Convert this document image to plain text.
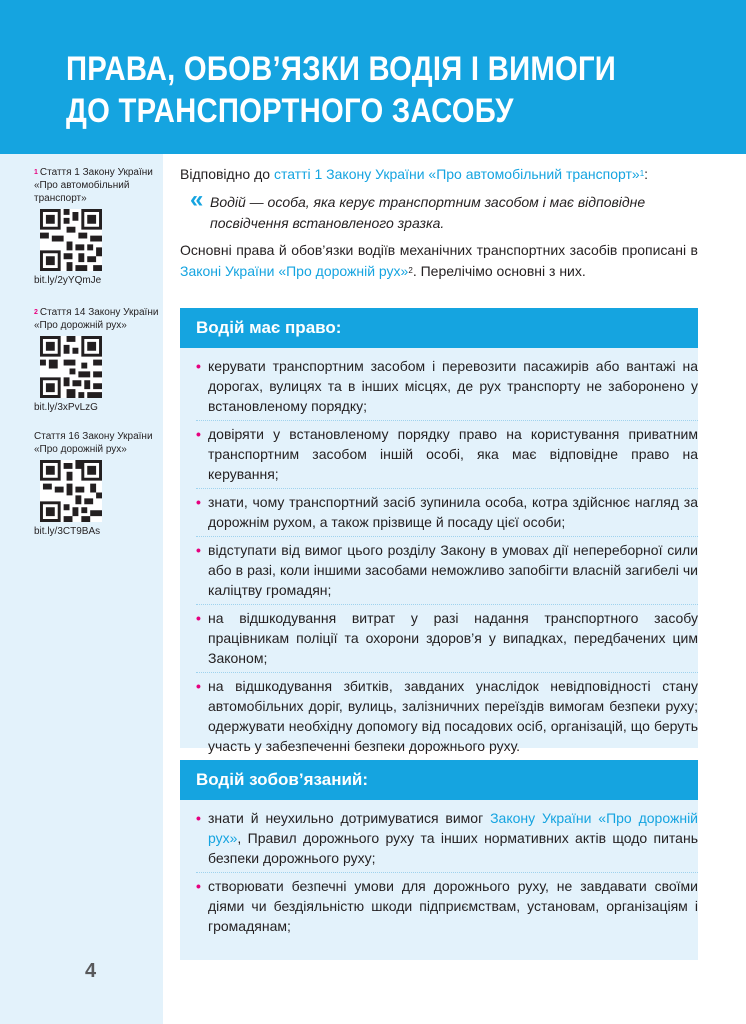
ПРАВА, ОБОВ’ЯЗКИ ВОДІЯ І ВИМОГИ
ДО ТРАНСПОРТНОГО ЗАСОБУ
$^1$ Стаття 1 Закону України
«Про автомобільний
транспорт»
bit.ly/2yYQmJe
$^2$ Стаття 14 Закону України
«Про дорожній рух»
bit.ly/3xPvLzG
Стаття 16 Закону України
«Про дорожній рух»
bit.ly/3CT9BAs
4

Відповідно до статті 1 Закону України «Про автомобільний транспорт»$^1$:

« Водій — особа, яка керує транспортним засобом і має відповідне посвідчення встановленого зразка.

Основні права й обов’язки водіїв механічних транспортних засобів прописані в Законі України «Про дорожній рух»$^2$. Перелічімо основні з них.

Водій має право:
• керувати транспортним засобом і перевозити пасажирів або вантажі на дорогах, вулицях та в інших місцях, де рух транспорту не заборонено у встановленому порядку;
• довіряти у встановленому порядку право на користування приватним транспортним засобом іншій особі, яка має відповідне право на керування;
• знати, чому транспортний засіб зупинила особа, котра здійснює нагляд за дорожнім рухом, а також прізвище й посаду цієї особи;
• відступати від вимог цього розділу Закону в умовах дії непереборної сили або в разі, коли іншими засобами неможливо запобігти власній загибелі чи каліцтву громадян;
• на відшкодування витрат у разі надання транспортного засобу працівникам поліції та охорони здоров’я у випадках, передбачених цим Законом;
• на відшкодування збитків, завданих унаслідок невідповідності стану автомобільних доріг, вулиць, залізничних переїздів вимогам безпеки руху; одержувати необхідну допомогу від посадових осіб, організацій, що беруть участь у забезпеченні безпеки дорожнього руху.
Водій зобов’язаний:
• знати й неухильно дотримуватися вимог Закону України «Про дорожній рух», Правил дорожнього руху та інших нормативних актів щодо питань безпеки дорожнього руху;
• створювати безпечні умови для дорожнього руху, не завдавати своїми діями чи бездіяльністю шкоди підприємствам, установам, організаціям і громадянам;
